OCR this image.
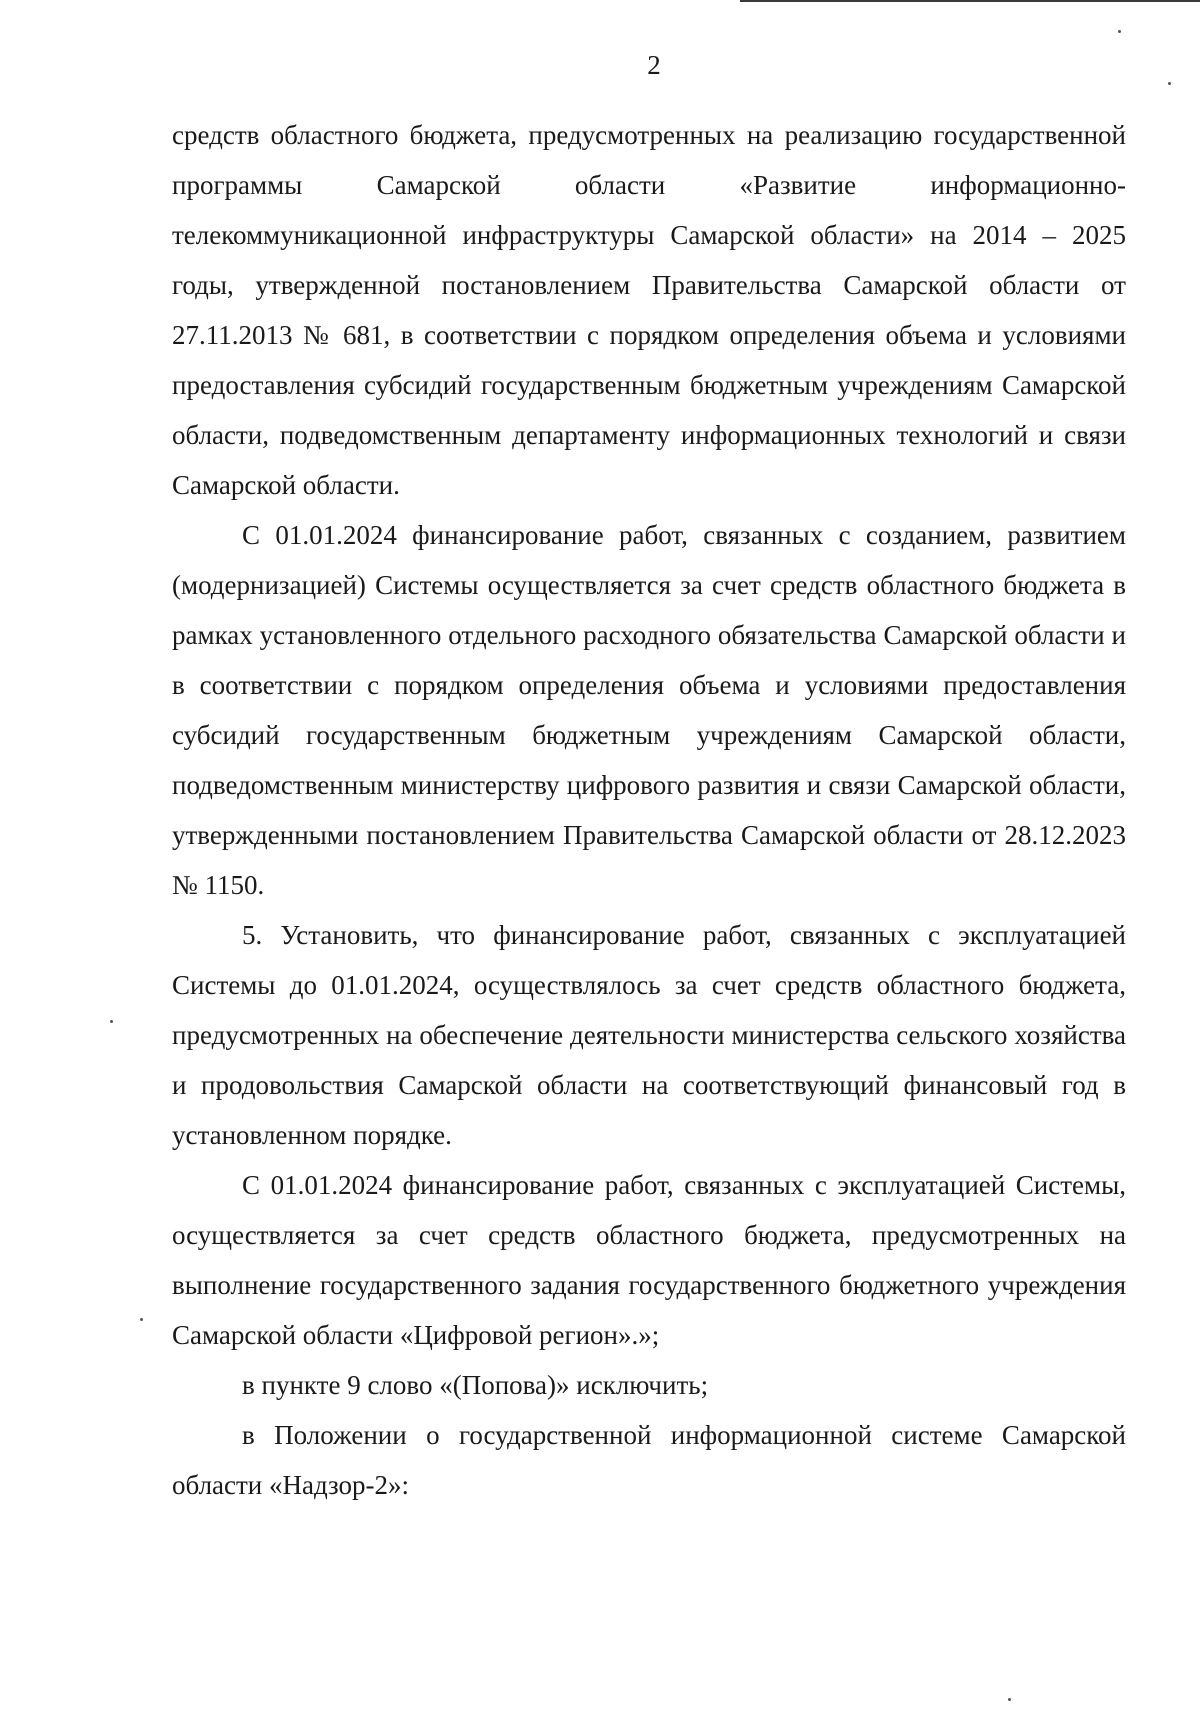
2

средств областного бюджета, предусмотренных на реализацию государственной программы Самарской области «Развитие информационно-телекоммуникационной инфраструктуры Самарской области» на 2014 – 2025 годы, утвержденной постановлением Правительства Самарской области от 27.11.2013 № 681, в соответствии с порядком определения объема и условиями предоставления субсидий государственным бюджетным учреждениям Самарской области, подведомственным департаменту информационных технологий и связи Самарской области.

С 01.01.2024 финансирование работ, связанных с созданием, развитием (модернизацией) Системы осуществляется за счет средств областного бюджета в рамках установленного отдельного расходного обязательства Самарской области и в соответствии с порядком определения объема и условиями предоставления субсидий государственным бюджетным учреждениям Самарской области, подведомственным министерству цифрового развития и связи Самарской области, утвержденными постановлением Правительства Самарской области от 28.12.2023 № 1150.

5. Установить, что финансирование работ, связанных с эксплуатацией Системы до 01.01.2024, осуществлялось за счет средств областного бюджета, предусмотренных на обеспечение деятельности министерства сельского хозяйства и продовольствия Самарской области на соответствующий финансовый год в установленном порядке.

С 01.01.2024 финансирование работ, связанных с эксплуатацией Системы, осуществляется за счет средств областного бюджета, предусмотренных на выполнение государственного задания государственного бюджетного учреждения Самарской области «Цифровой регион».»;

в пункте 9 слово «(Попова)» исключить;

в Положении о государственной информационной системе Самарской области «Надзор-2»:
